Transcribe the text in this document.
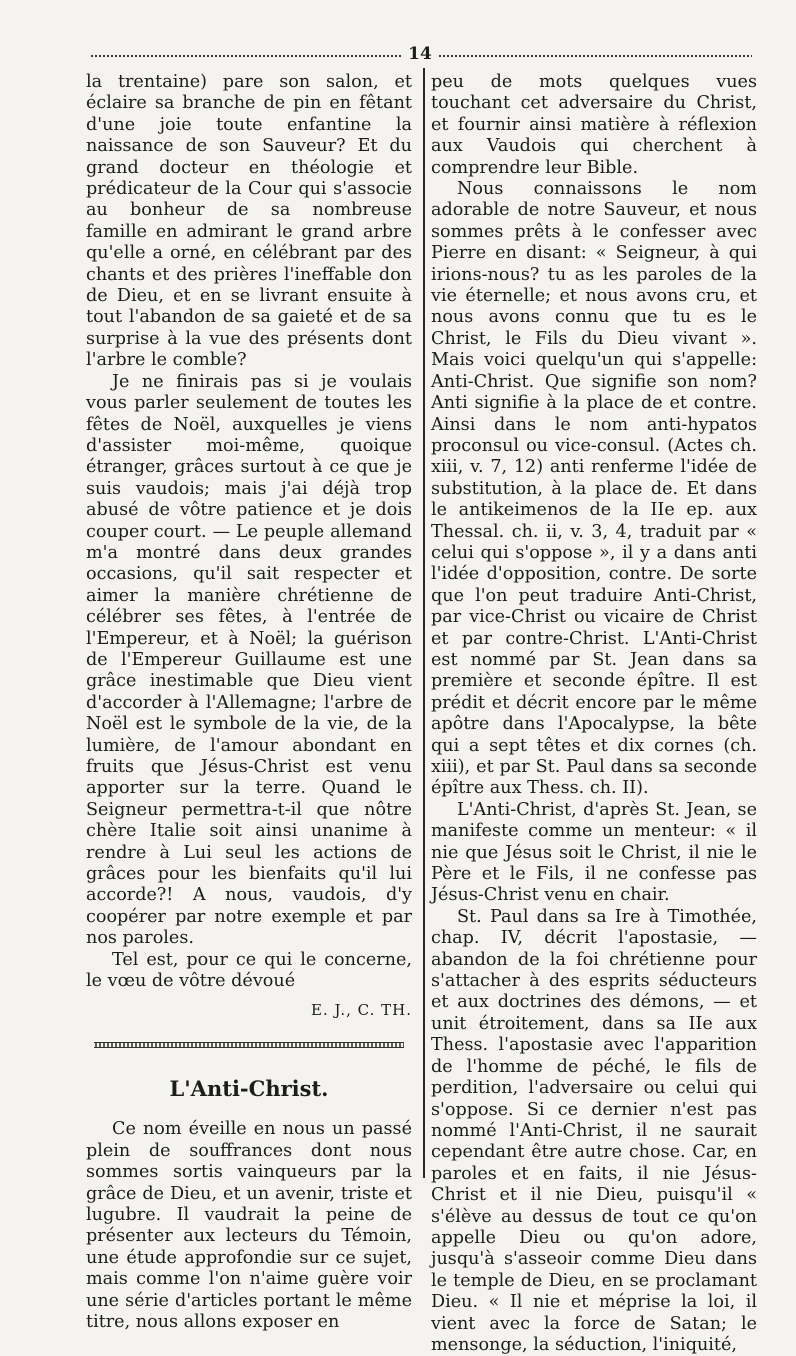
14

la trentaine) pare son salon, et éclaire sa branche de pin en fêtant d'une joie toute enfantine la naissance de son Sauveur? Et du grand docteur en théologie et prédicateur de la Cour qui s'associe au bonheur de sa nombreuse famille en admirant le grand arbre qu'elle a orné, en célébrant par des chants et des prières l'ineffable don de Dieu, et en se livrant ensuite à tout l'abandon de sa gaieté et de sa surprise à la vue des présents dont l'arbre le comble?

Je ne finirais pas si je voulais vous parler seulement de toutes les fêtes de Noël, auxquelles je viens d'assister moi-même, quoique étranger, grâces surtout à ce que je suis vaudois; mais j'ai déjà trop abusé de vôtre patience et je dois couper court. — Le peuple allemand m'a montré dans deux grandes occasions, qu'il sait respecter et aimer la manière chrétienne de célébrer ses fêtes, à l'entrée de l'Empereur, et à Noël; la guérison de l'Empereur Guillaume est une grâce inestimable que Dieu vient d'accorder à l'Allemagne; l'arbre de Noël est le symbole de la vie, de la lumière, de l'amour abondant en fruits que Jésus-Christ est venu apporter sur la terre. Quand le Seigneur permettra-t-il que nôtre chère Italie soit ainsi unanime à rendre à Lui seul les actions de grâces pour les bienfaits qu'il lui accorde?! A nous, vaudois, d'y coopérer par notre exemple et par nos paroles.

Tel est, pour ce qui le concerne, le vœu de vôtre dévoué

E. J., C. TH.

L'Anti-Christ.

Ce nom éveille en nous un passé plein de souffrances dont nous sommes sortis vainqueurs par la grâce de Dieu, et un avenir, triste et lugubre. Il vaudrait la peine de présenter aux lecteurs du Témoin, une étude approfondie sur ce sujet, mais comme l'on n'aime guère voir une série d'articles portant le même titre, nous allons exposer en

peu de mots quelques vues touchant cet adversaire du Christ, et fournir ainsi matière à réflexion aux Vaudois qui cherchent à comprendre leur Bible.

Nous connaissons le nom adorable de notre Sauveur, et nous sommes prêts à le confesser avec Pierre en disant: « Seigneur, à qui irions-nous? tu as les paroles de la vie éternelle; et nous avons cru, et nous avons connu que tu es le Christ, le Fils du Dieu vivant ». Mais voici quelqu'un qui s'appelle: Anti-Christ. Que signifie son nom? Anti signifie à la place de et contre. Ainsi dans le nom anti-hypatos proconsul ou vice-consul. (Actes ch. xiii, v. 7, 12) anti renferme l'idée de substitution, à la place de. Et dans le antikeimenos de la IIe ep. aux Thessal. ch. ii, v. 3, 4, traduit par « celui qui s'oppose », il y a dans anti l'idée d'opposition, contre. De sorte que l'on peut traduire Anti-Christ, par vice-Christ ou vicaire de Christ et par contre-Christ. L'Anti-Christ est nommé par St. Jean dans sa première et seconde épître. Il est prédit et décrit encore par le même apôtre dans l'Apocalypse, la bête qui a sept têtes et dix cornes (ch. xiii), et par St. Paul dans sa seconde épître aux Thess. ch. II).

L'Anti-Christ, d'après St. Jean, se manifeste comme un menteur: « il nie que Jésus soit le Christ, il nie le Père et le Fils, il ne confesse pas Jésus-Christ venu en chair.

St. Paul dans sa Ire à Timothée, chap. IV, décrit l'apostasie, — abandon de la foi chrétienne pour s'attacher à des esprits séducteurs et aux doctrines des démons, — et unit étroitement, dans sa IIe aux Thess. l'apostasie avec l'apparition de l'homme de péché, le fils de perdition, l'adversaire ou celui qui s'oppose. Si ce dernier n'est pas nommé l'Anti-Christ, il ne saurait cependant être autre chose. Car, en paroles et en faits, il nie Jésus-Christ et il nie Dieu, puisqu'il « s'élève au dessus de tout ce qu'on appelle Dieu ou qu'on adore, jusqu'à s'asseoir comme Dieu dans le temple de Dieu, en se proclamant Dieu. « Il nie et méprise la loi, il vient avec la force de Satan; le mensonge, la séduction, l'iniquité,
